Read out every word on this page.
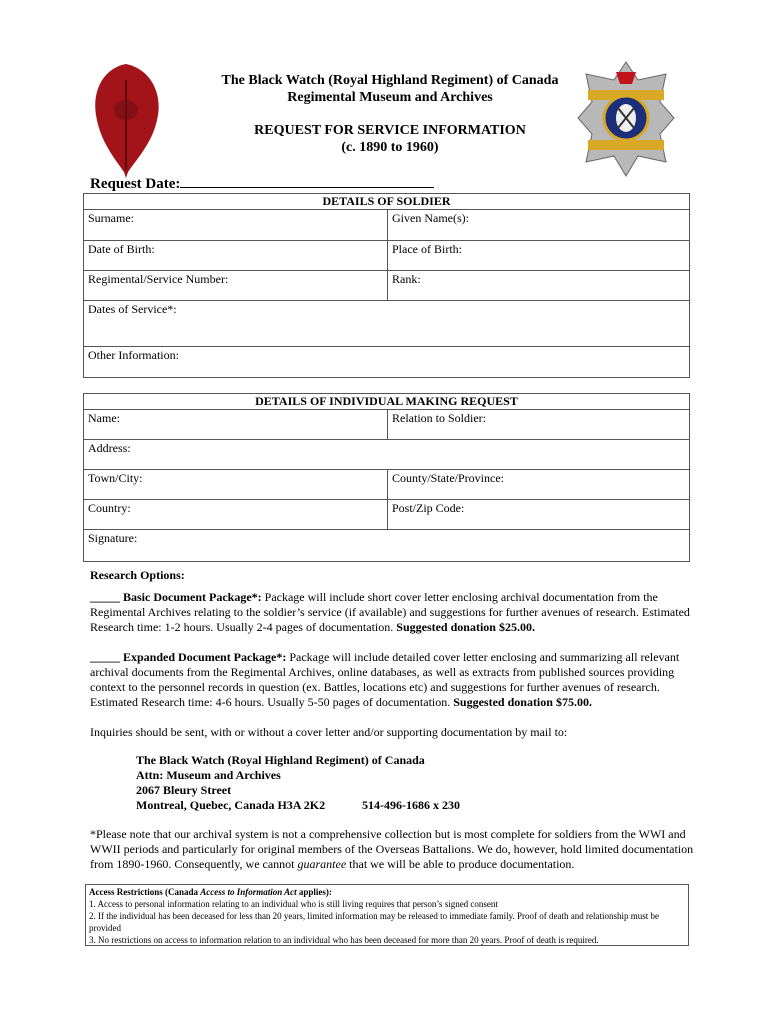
The Black Watch (Royal Highland Regiment) of Canada
Regimental Museum and Archives
REQUEST FOR SERVICE INFORMATION
(c. 1890 to 1960)
Request Date:
DETAILS OF SOLDIER	
Surname:	Given Name(s):
Date of Birth:	Place of Birth:
Regimental/Service Number:	Rank:
Dates of Service*:	
Other Information:	
DETAILS OF INDIVIDUAL MAKING REQUEST	
Name:	Relation to Soldier:
Address:	
Town/City:	County/State/Province:
Country:	Post/Zip Code:
Signature:	
Research Options:
_____ Basic Document Package*: Package will include short cover letter enclosing archival documentation from the Regimental Archives relating to the soldier’s service (if available) and suggestions for further avenues of research. Estimated Research time: 1-2 hours. Usually 2-4 pages of documentation. Suggested donation $25.00.
_____ Expanded Document Package*: Package will include detailed cover letter enclosing and summarizing all relevant archival documents from the Regimental Archives, online databases, as well as extracts from published sources providing context to the personnel records in question (ex. Battles, locations etc) and suggestions for further avenues of research. Estimated Research time: 4-6 hours. Usually 5-50 pages of documentation. Suggested donation $75.00.
Inquiries should be sent, with or without a cover letter and/or supporting documentation by mail to:
The Black Watch (Royal Highland Regiment) of Canada
Attn: Museum and Archives
2067 Bleury Street
Montreal, Quebec, Canada H3A 2K2	514-496-1686 x 230
*Please note that our archival system is not a comprehensive collection but is most complete for soldiers from the WWI and WWII periods and particularly for original members of the Overseas Battalions. We do, however, hold limited documentation from 1890-1960. Consequently, we cannot guarantee that we will be able to produce documentation.
Access Restrictions (Canada Access to Information Act applies):
1. Access to personal information relating to an individual who is still living requires that person’s signed consent
2. If the individual has been deceased for less than 20 years, limited information may be released to immediate family. Proof of death and relationship must be provided
3. No restrictions on access to information relation to an individual who has been deceased for more than 20 years. Proof of death is required.
